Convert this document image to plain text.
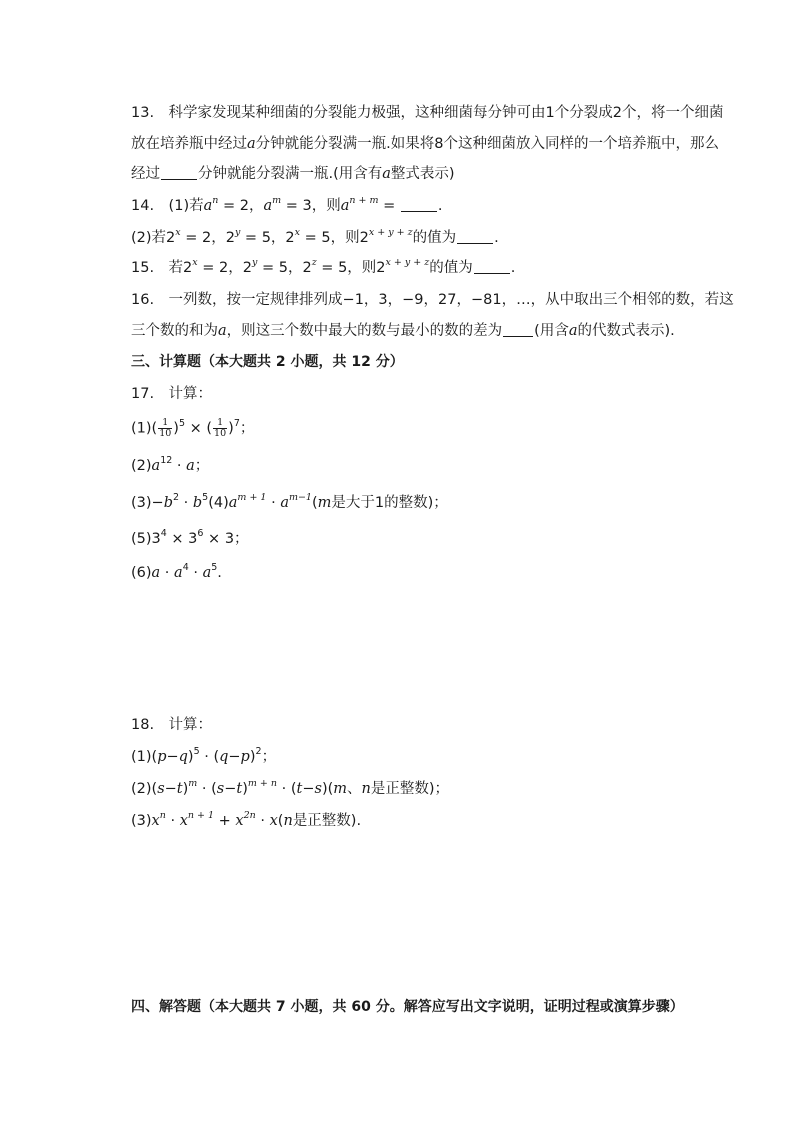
13.　科学家发现某种细菌的分裂能力极强，这种细菌每分钟可由1个分裂成2个，将一个细菌
放在培养瓶中经过a分钟就能分裂满一瓶.如果将8个这种细菌放入同样的一个培养瓶中，那么
经过	分钟就能分裂满一瓶.(用含有a整式表示)
14.　(1)若$a^n = 2$，$a^m = 3$，则$a^{n + m}$ =	.
(2)若$2^x = 2$，$2^y = 5$，$2^x = 5$，则$2^{x + y + z}$的值为	.
15.　若$2^x = 2$，$2^y = 5$，$2^z = 5$，则$2^{x + y + z}$的值为	.
16.　一列数，按一定规律排列成−1，3，−9，27，−81，…，从中取出三个相邻的数，若这
三个数的和为a，则这三个数中最大的数与最小的数的差为 (用含a的代数式表示).
三、计算题（本大题共 2 小题，共 12 分）
17.　计算：
$(1)( \frac{1}{10} )^5$ × ( $\frac{1}{10} )^7$；
$(2)a^{12} \cdot a$；
$(3)-b^2 \cdot b^5(4)a^{m + 1} \cdot a^{m-1}(m$是大于1的整数)；
$(5)3^4 \times 3^6 \times 3$；
$(6)a \cdot a^4 \cdot a^5$.
18.　计算：
$(1)(p-q)^5 \cdot (q-p)^2$；
$(2)(s-t)^m \cdot (s-t)^{m + n} \cdot (t-s)(m$、n是正整数)；
$(3)x^n \cdot x^{n + 1} + x^{2n} \cdot x(n$是正整数).
四、解答题（本大题共 7 小题，共 60 分。解答应写出文字说明，证明过程或演算步骤）
